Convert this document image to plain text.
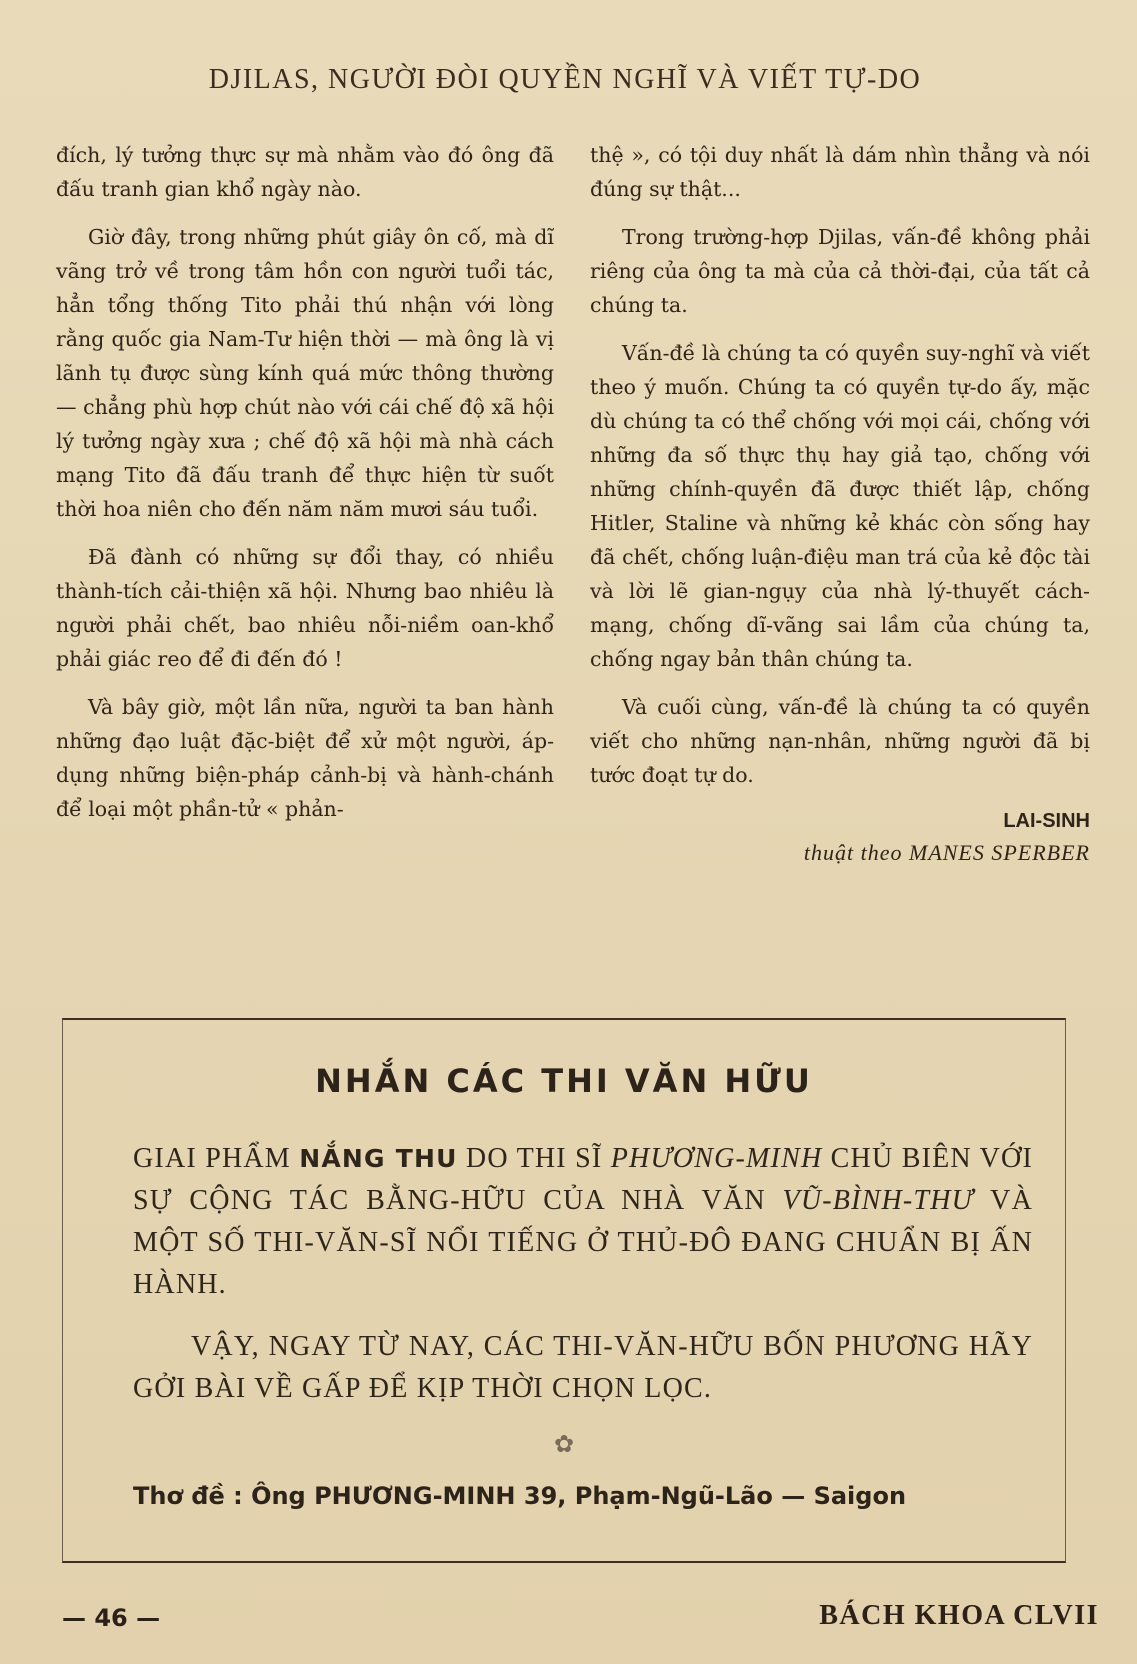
DJILAS, NGƯỜI ĐÒI QUYỀN NGHĨ VÀ VIẾT TỰ-DO

đích, lý tưởng thực sự mà nhằm vào đó ông đã đấu tranh gian khổ ngày nào.

Giờ đây, trong những phút giây ôn cố, mà dĩ vãng trở về trong tâm hồn con người tuổi tác, hẳn tổng thống Tito phải thú nhận với lòng rằng quốc gia Nam-Tư hiện thời — mà ông là vị lãnh tụ được sùng kính quá mức thông thường — chẳng phù hợp chút nào với cái chế độ xã hội lý tưởng ngày xưa ; chế độ xã hội mà nhà cách mạng Tito đã đấu tranh để thực hiện từ suốt thời hoa niên cho đến năm năm mươi sáu tuổi.

Đã đành có những sự đổi thay, có nhiều thành-tích cải-thiện xã hội. Nhưng bao nhiêu là người phải chết, bao nhiêu nỗi-niềm oan-khổ phải giác reo để đi đến đó !

Và bây giờ, một lần nữa, người ta ban hành những đạo luật đặc-biệt để xử một người, áp-dụng những biện-pháp cảnh-bị và hành-chánh để loại một phần-tử « phản-

thệ », có tội duy nhất là dám nhìn thẳng và nói đúng sự thật...

Trong trường-hợp Djilas, vấn-đề không phải riêng của ông ta mà của cả thời-đại, của tất cả chúng ta.

Vấn-đề là chúng ta có quyền suy-nghĩ và viết theo ý muốn. Chúng ta có quyền tự-do ấy, mặc dù chúng ta có thể chống với mọi cái, chống với những đa số thực thụ hay giả tạo, chống với những chính-quyền đã được thiết lập, chống Hitler, Staline và những kẻ khác còn sống hay đã chết, chống luận-điệu man trá của kẻ độc tài và lời lẽ gian-ngụy của nhà lý-thuyết cách-mạng, chống dĩ-vãng sai lầm của chúng ta, chống ngay bản thân chúng ta.

Và cuối cùng, vấn-đề là chúng ta có quyền viết cho những nạn-nhân, những người đã bị tước đoạt tự do.

LAI-SINH
thuật theo MANES SPERBER
NHẮN CÁC THI VĂN HỮU

GIAI PHẨM NẮNG THU DO THI SĨ PHƯƠNG-MINH CHỦ BIÊN VỚI SỰ CỘNG TÁC BẰNG-HỮU CỦA NHÀ VĂN VŨ-BÌNH-THƯ VÀ MỘT SỐ THI-VĂN-SĨ NỔI TIẾNG Ở THỦ-ĐÔ ĐANG CHUẨN BỊ ẤN HÀNH.

VẬY, NGAY TỪ NAY, CÁC THI-VĂN-HỮU BỐN PHƯƠNG HÃY GỞI BÀI VỀ GẤP ĐỂ KỊP THỜI CHỌN LỌC.

✿
Thơ đề : Ông PHƯƠNG-MINH 39, Phạm-Ngũ-Lão — Saigon
— 46 —	BÁCH KHOA CLVII
